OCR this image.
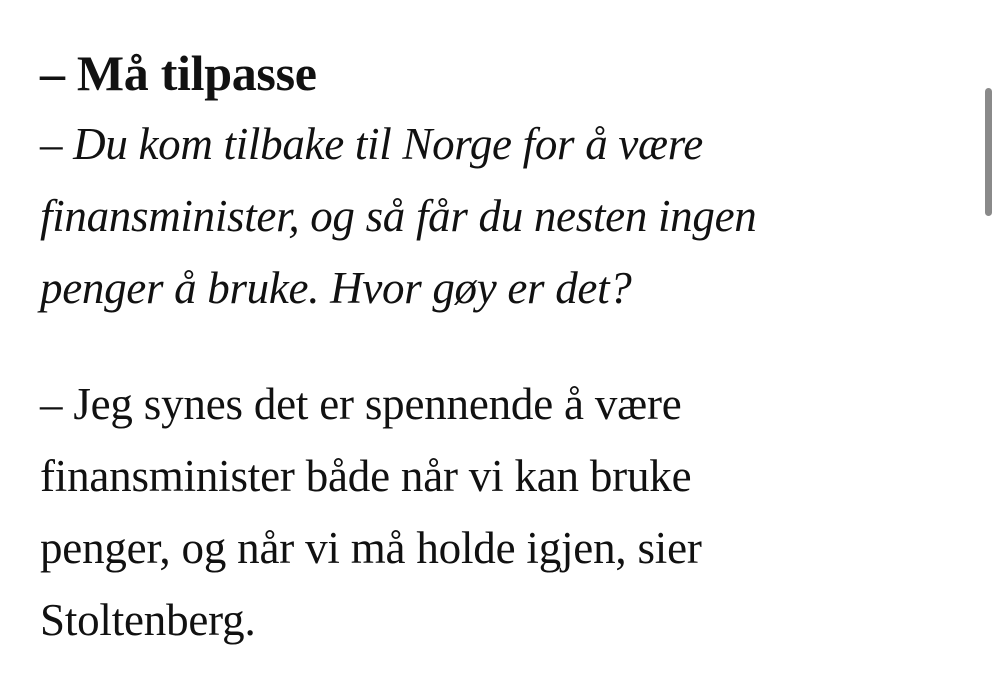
– Må tilpasse

– Du kom tilbake til Norge for å være
finansminister, og så får du nesten ingen
penger å bruke. Hvor gøy er det?

– Jeg synes det er spennende å være
finansminister både når vi kan bruke
penger, og når vi må holde igjen, sier
Stoltenberg.
